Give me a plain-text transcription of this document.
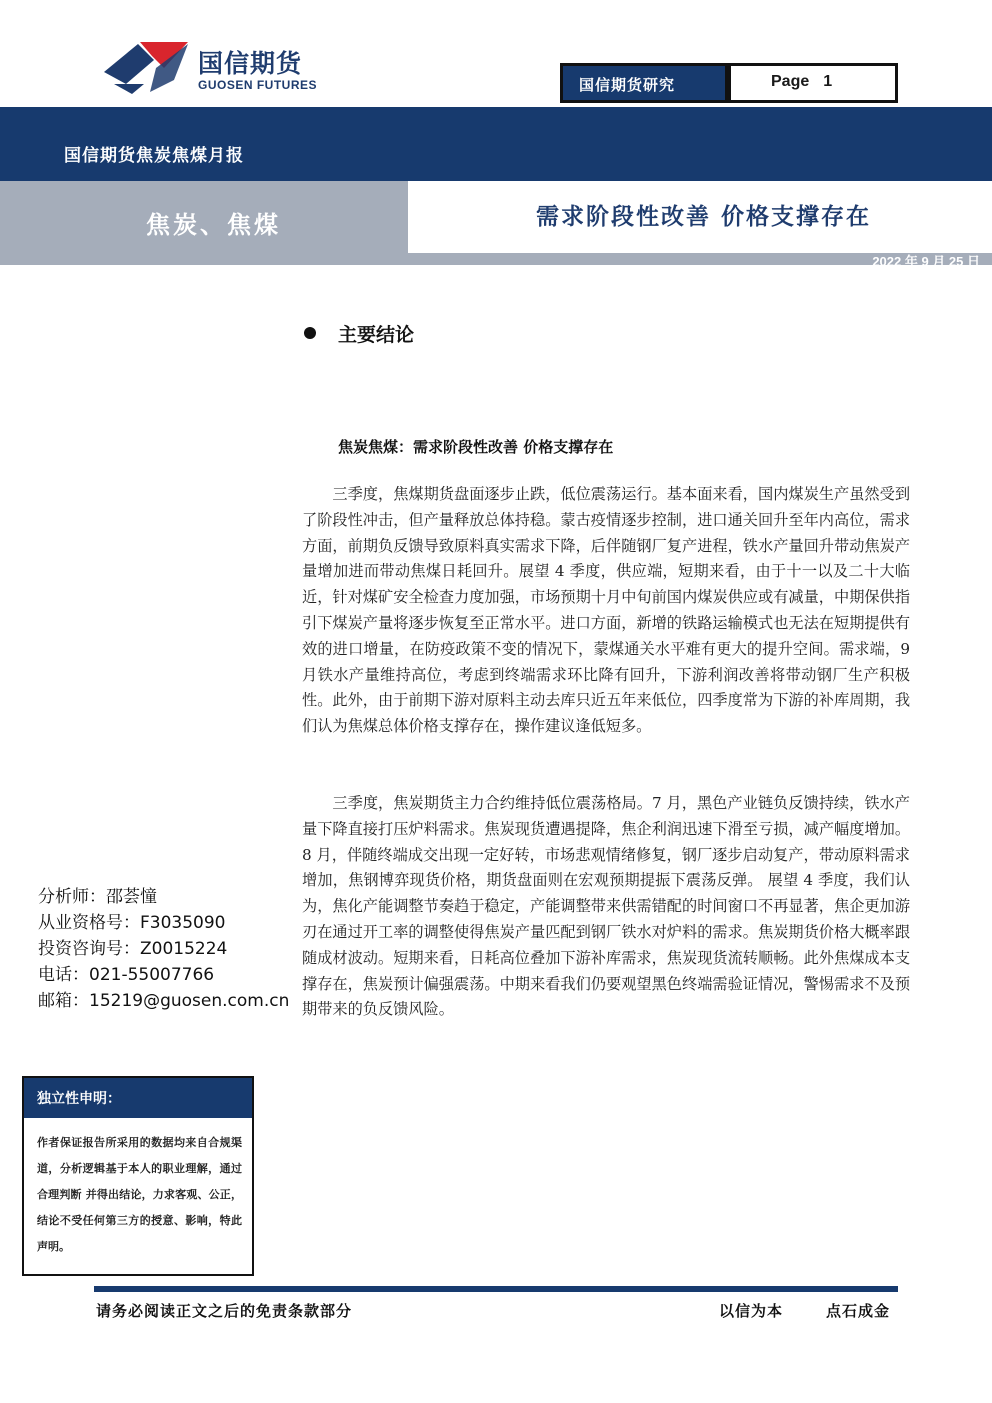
国信期货
GUOSEN FUTURES	国信期货研究	Page 1
国信期货焦炭焦煤月报
焦炭、焦煤	需求阶段性改善 价格支撑存在
2022 年 9 月 25 日
主要结论
焦炭焦煤：需求阶段性改善 价格支撑存在

三季度，焦煤期货盘面逐步止跌，低位震荡运行。基本面来看，国内煤炭生产虽然受到了阶段性冲击，但产量释放总体持稳。蒙古疫情逐步控制，进口通关回升至年内高位，需求方面，前期负反馈导致原料真实需求下降，后伴随钢厂复产进程，铁水产量回升带动焦炭产量增加进而带动焦煤日耗回升。展望 4 季度，供应端，短期来看，由于十一以及二十大临近，针对煤矿安全检查力度加强，市场预期十月中旬前国内煤炭供应或有减量，中期保供指引下煤炭产量将逐步恢复至正常水平。进口方面，新增的铁路运输模式也无法在短期提供有效的进口增量，在防疫政策不变的情况下，蒙煤通关水平难有更大的提升空间。需求端，9 月铁水产量维持高位，考虑到终端需求环比降有回升，下游利润改善将带动钢厂生产积极性。此外，由于前期下游对原料主动去库只近五年来低位，四季度常为下游的补库周期，我们认为焦煤总体价格支撑存在，操作建议逢低短多。

三季度，焦炭期货主力合约维持低位震荡格局。7 月，黑色产业链负反馈持续，铁水产量下降直接打压炉料需求。焦炭现货遭遇提降，焦企利润迅速下滑至亏损，减产幅度增加。8 月，伴随终端成交出现一定好转，市场悲观情绪修复，钢厂逐步启动复产，带动原料需求增加，焦钢博弈现货价格，期货盘面则在宏观预期提振下震荡反弹。 展望 4 季度，我们认为，焦化产能调整节奏趋于稳定，产能调整带来供需错配的时间窗口不再显著，焦企更加游刃在通过开工率的调整使得焦炭产量匹配到钢厂铁水对炉料的需求。焦炭期货价格大概率跟随成材波动。短期来看，日耗高位叠加下游补库需求，焦炭现货流转顺畅。此外焦煤成本支撑存在，焦炭预计偏强震荡。中期来看我们仍要观望黑色终端需验证情况，警惕需求不及预期带来的负反馈风险。

分析师：邵荟憧
从业资格号：F3035090
投资咨询号：Z0015224
电话：021-55007766
邮箱：15219@guosen.com.cn
独立性申明：
作者保证报告所采用的数据均来自合规渠道，分析逻辑基于本人的职业理解，通过合理判断 并得出结论，力求客观、公正，结论不受任何第三方的授意、影响，特此声明。
请务必阅读正文之后的免责条款部分	以信为本	点石成金
